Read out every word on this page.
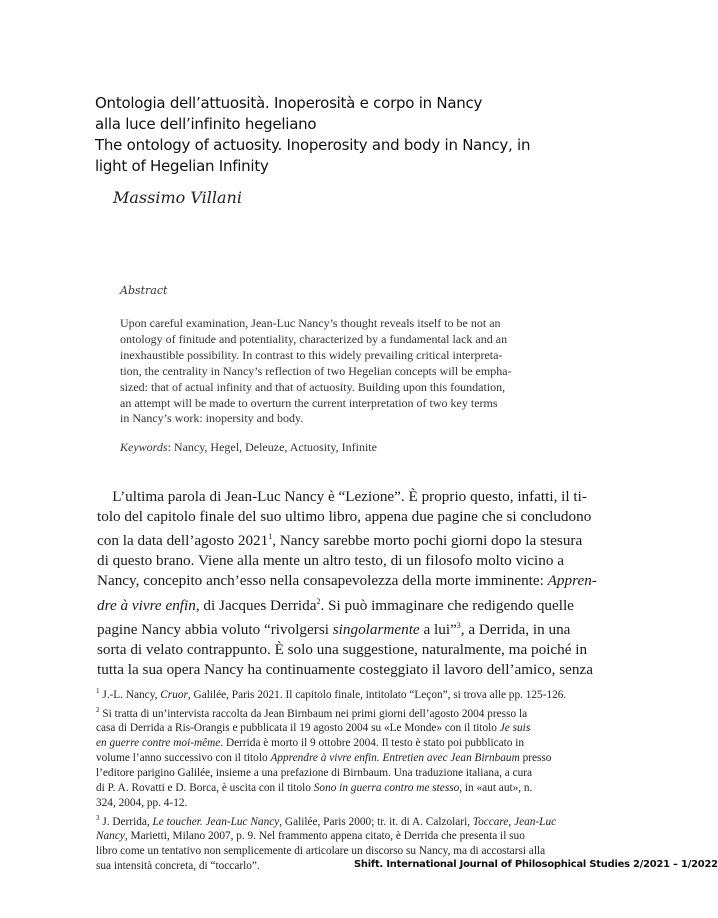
Ontologia dell’attuosità. Inoperosità e corpo in Nancy
alla luce dell’infinito hegeliano
The ontology of actuosity. Inoperosity and body in Nancy, in
light of Hegelian Infinity
Massimo Villani
Abstract
Upon careful examination, Jean-Luc Nancy’s thought reveals itself to be not an
ontology of finitude and potentiality, characterized by a fundamental lack and an
inexhaustible possibility. In contrast to this widely prevailing critical interpreta-
tion, the centrality in Nancy’s reflection of two Hegelian concepts will be empha-
sized: that of actual infinity and that of actuosity. Building upon this foundation,
an attempt will be made to overturn the current interpretation of two key terms
in Nancy’s work: inopersity and body.
Keywords: Nancy, Hegel, Deleuze, Actuosity, Infinite
L’ultima parola di Jean-Luc Nancy è “Lezione”. È proprio questo, infatti, il ti-
tolo del capitolo finale del suo ultimo libro, appena due pagine che si concludono
con la data dell’agosto 2021$^1$, Nancy sarebbe morto pochi giorni dopo la stesura
di questo brano. Viene alla mente un altro testo, di un filosofo molto vicino a
Nancy, concepito anch’esso nella consapevolezza della morte imminente: Appren-
dre à vivre enfin, di Jacques Derrida$^2$. Si può immaginare che redigendo quelle
pagine Nancy abbia voluto “rivolgersi singolarmente a lui”$^3$, a Derrida, in una
sorta di velato contrappunto. È solo una suggestione, naturalmente, ma poiché in
tutta la sua opera Nancy ha continuamente costeggiato il lavoro dell’amico, senza
$^1$ J.-L. Nancy, Cruor, Galilée, Paris 2021. Il capitolo finale, intitolato “Leçon”, si trova alle pp. 125-126.
$^2$ Si tratta di un’intervista raccolta da Jean Birnbaum nei primi giorni dell’agosto 2004 presso la
casa di Derrida a Ris-Orangis e pubblicata il 19 agosto 2004 su «Le Monde» con il titolo Je suis
en guerre contre moi-même. Derrida è morto il 9 ottobre 2004. Il testo è stato poi pubblicato in
volume l’anno successivo con il titolo Apprendre à vivre enfin. Entretien avec Jean Birnbaum presso
l’editore parigino Galilée, insieme a una prefazione di Birnbaum. Una traduzione italiana, a cura
di P. A. Rovatti e D. Borca, è uscita con il titolo Sono in guerra contro me stesso, in «aut aut», n.
324, 2004, pp. 4-12.
$^3$ J. Derrida, Le toucher. Jean-Luc Nancy, Galilée, Paris 2000; tr. it. di A. Calzolari, Toccare, Jean-Luc
Nancy, Marietti, Milano 2007, p. 9. Nel frammento appena citato, è Derrida che presenta il suo
libro come un tentativo non semplicemente di articolare un discorso su Nancy, ma di accostarsi alla
sua intensità concreta, di “toccarlo”.	Shift. International Journal of Philosophical Studies 2/2021 – 1/2022
